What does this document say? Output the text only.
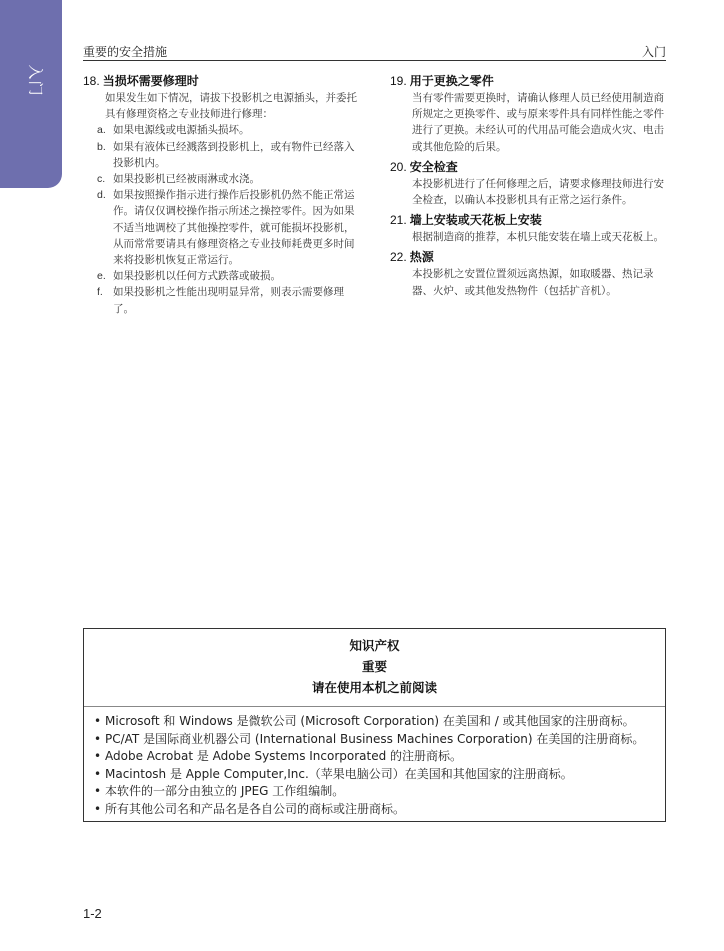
入门
重要的安全措施	入门
18. 当损坏需要修理时
如果发生如下情况，请拔下投影机之电源插头，并委托具有修理资格之专业技师进行修理：
a. 如果电源线或电源插头损坏。
b. 如果有液体已经溅落到投影机上，或有物件已经落入投影机内。
c. 如果投影机已经被雨淋或水浇。
d. 如果按照操作指示进行操作后投影机仍然不能正常运作。请仅仅调校操作指示所述之操控零件。因为如果不适当地调校了其他操控零件，就可能损坏投影机，从而常常要请具有修理资格之专业技师耗费更多时间来将投影机恢复正常运行。
e. 如果投影机以任何方式跌落或破损。
f. 如果投影机之性能出现明显异常，则表示需要修理了。
19. 用于更换之零件
当有零件需要更换时，请确认修理人员已经使用制造商所规定之更换零件、或与原来零件具有同样性能之零件进行了更换。未经认可的代用品可能会造成火灾、电击或其他危险的后果。
20. 安全检查
本投影机进行了任何修理之后，请要求修理技师进行安全检查，以确认本投影机具有正常之运行条件。
21. 墙上安装或天花板上安装
根据制造商的推荐，本机只能安装在墙上或天花板上。
22. 热源
本投影机之安置位置须远离热源，如取暖器、热记录器、火炉、或其他发热物件（包括扩音机）。
知识产权
重要
请在使用本机之前阅读
• Microsoft 和 Windows 是微软公司 (Microsoft Corporation) 在美国和 / 或其他国家的注册商标。
• PC/AT 是国际商业机器公司 (International Business Machines Corporation) 在美国的注册商标。
• Adobe Acrobat 是 Adobe Systems Incorporated 的注册商标。
• Macintosh 是 Apple Computer,Inc.（苹果电脑公司）在美国和其他国家的注册商标。
• 本软件的一部分由独立的 JPEG 工作组编制。
• 所有其他公司名和产品名是各自公司的商标或注册商标。
1-2
